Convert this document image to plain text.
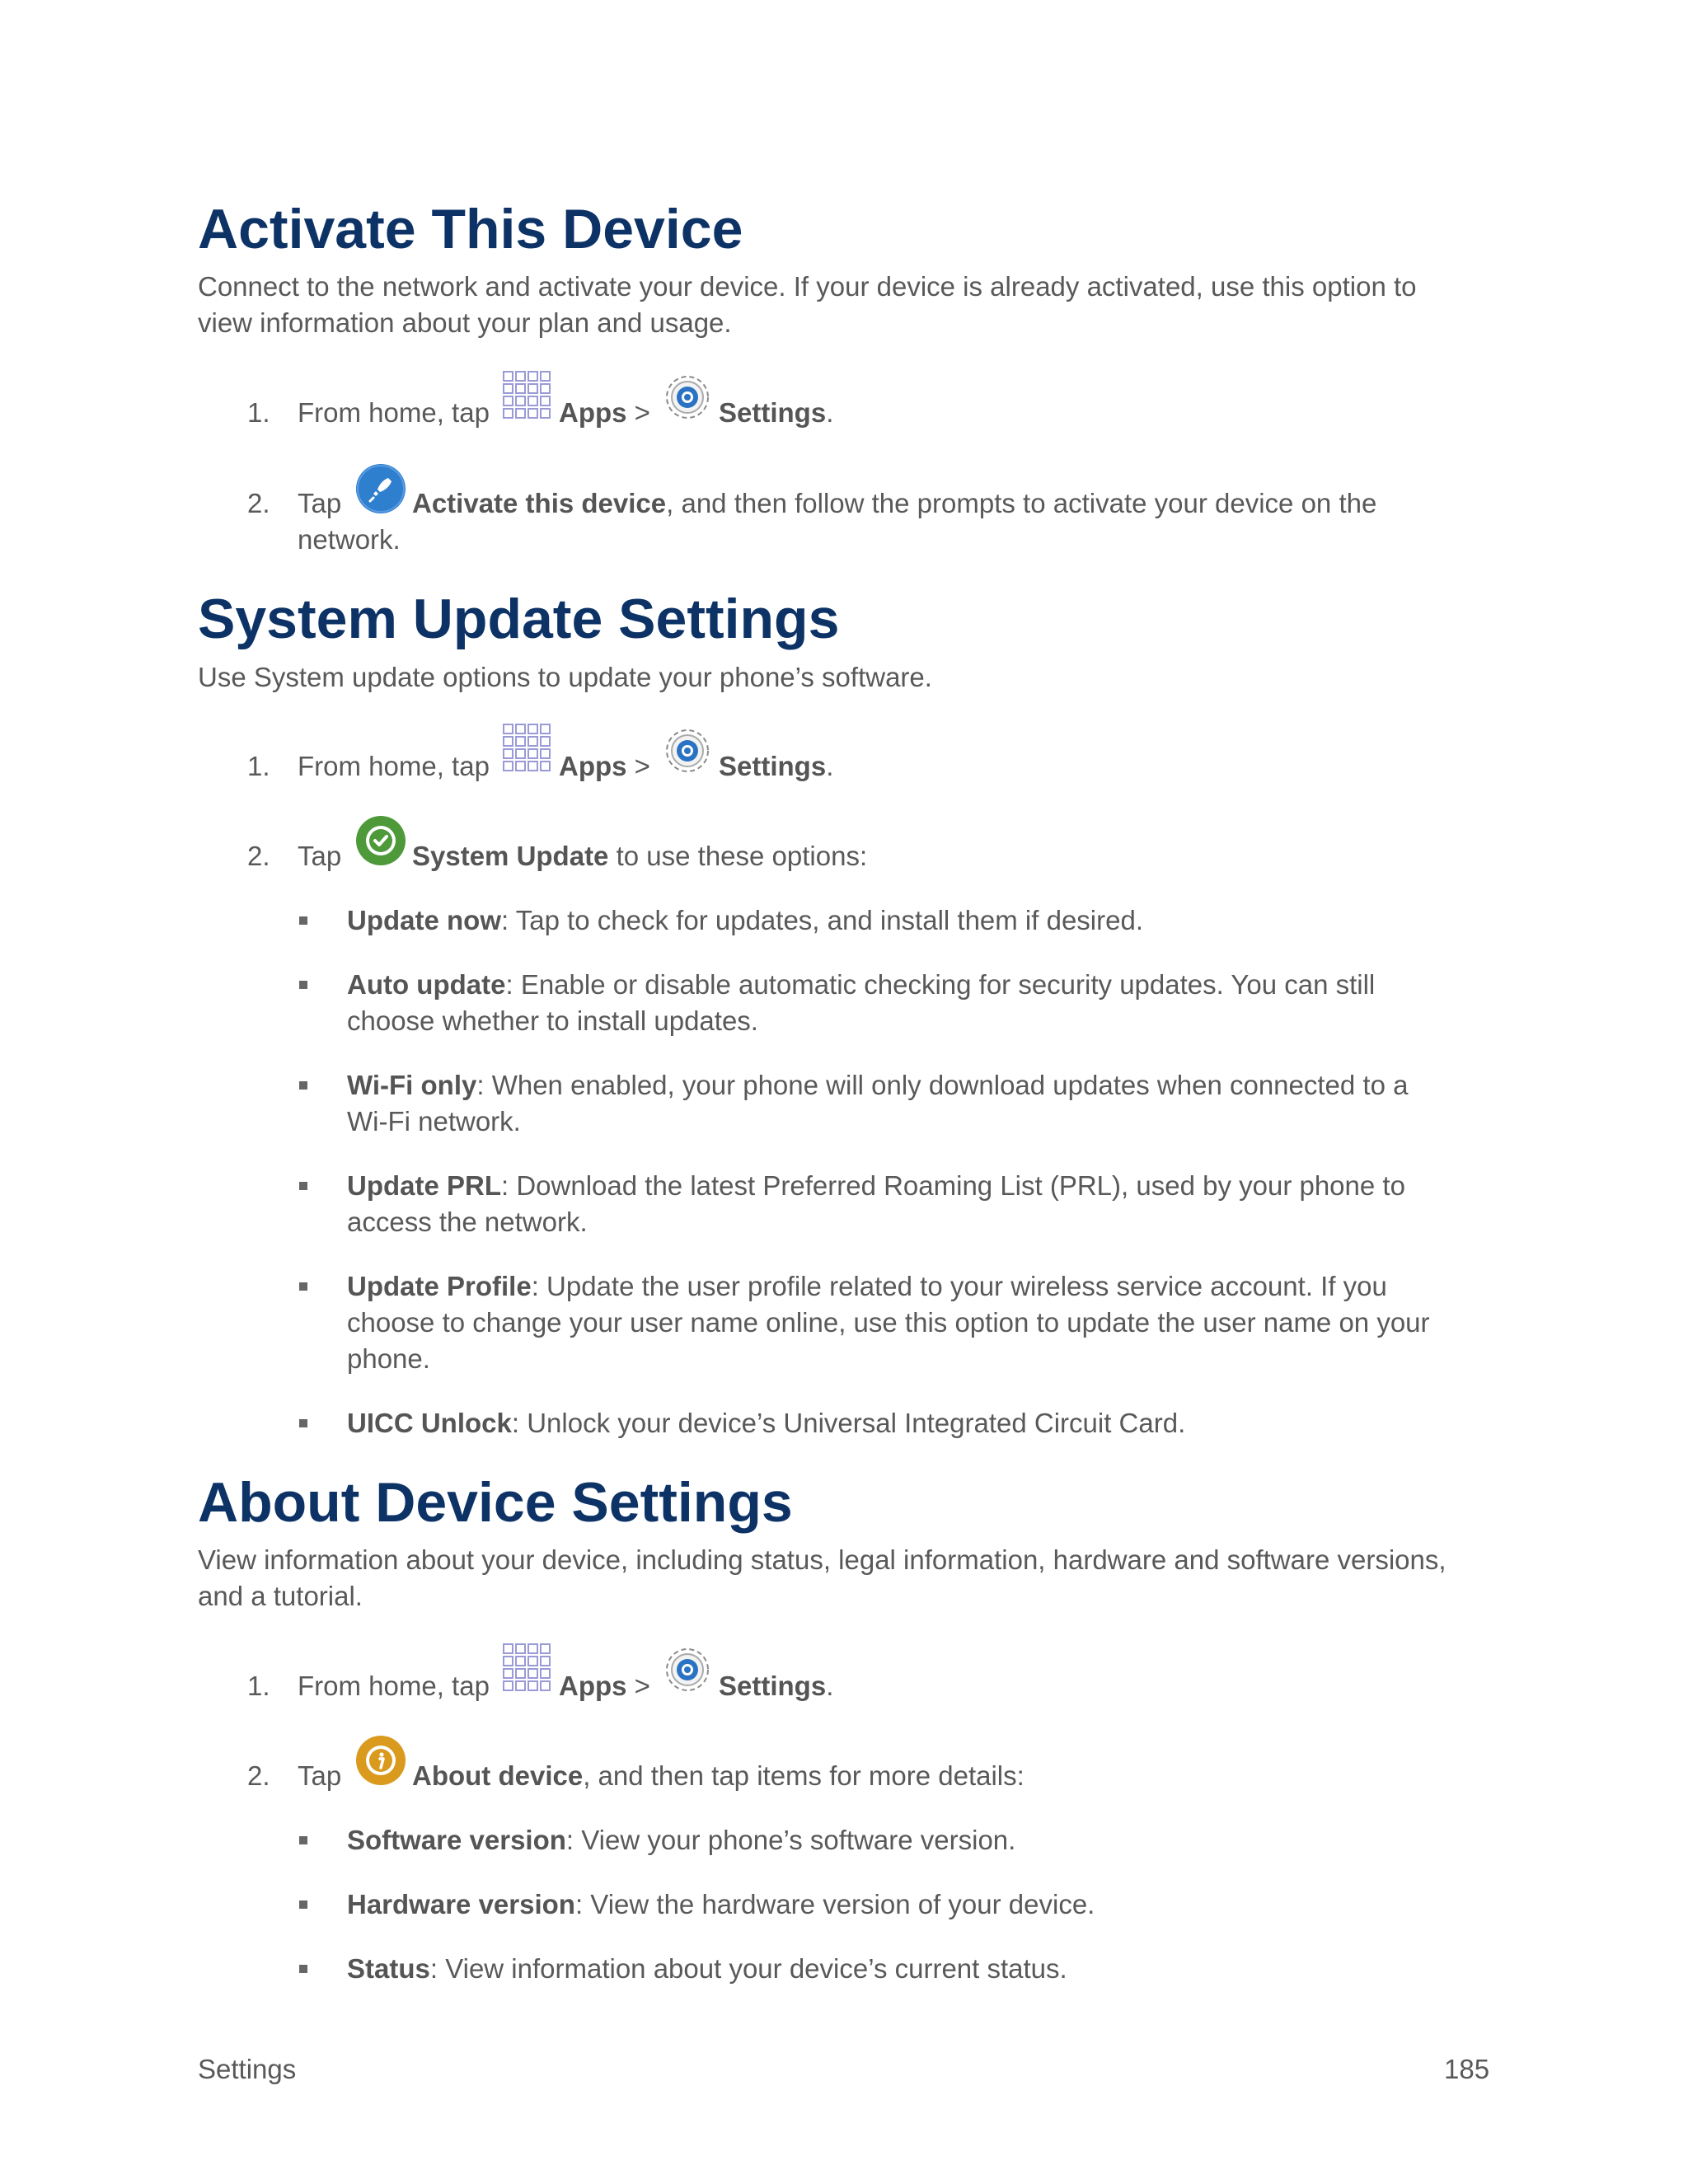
Activate This Device
Connect to the network and activate your device. If your device is already activated, use this option to
view information about your plan and usage.
1. From home, tap	Apps >	Settings.
2. Tap	Activate this device, and then follow the prompts to activate your device on the
network.
System Update Settings
Use System update options to update your phone’s software.
1. From home, tap	Apps >	Settings.
2. Tap	System Update to use these options:
Update now: Tap to check for updates, and install them if desired.
Auto update: Enable or disable automatic checking for security updates. You can still
choose whether to install updates.
Wi-Fi only: When enabled, your phone will only download updates when connected to a
Wi-Fi network.
Update PRL: Download the latest Preferred Roaming List (PRL), used by your phone to
access the network.
Update Profile: Update the user profile related to your wireless service account. If you
choose to change your user name online, use this option to update the user name on your
phone.
UICC Unlock: Unlock your device’s Universal Integrated Circuit Card.
About Device Settings
View information about your device, including status, legal information, hardware and software versions,
and a tutorial.
1. From home, tap	Apps >	Settings.
2. Tap	About device, and then tap items for more details:
Software version: View your phone’s software version.
Hardware version: View the hardware version of your device.
Status: View information about your device’s current status.
Settings	185
